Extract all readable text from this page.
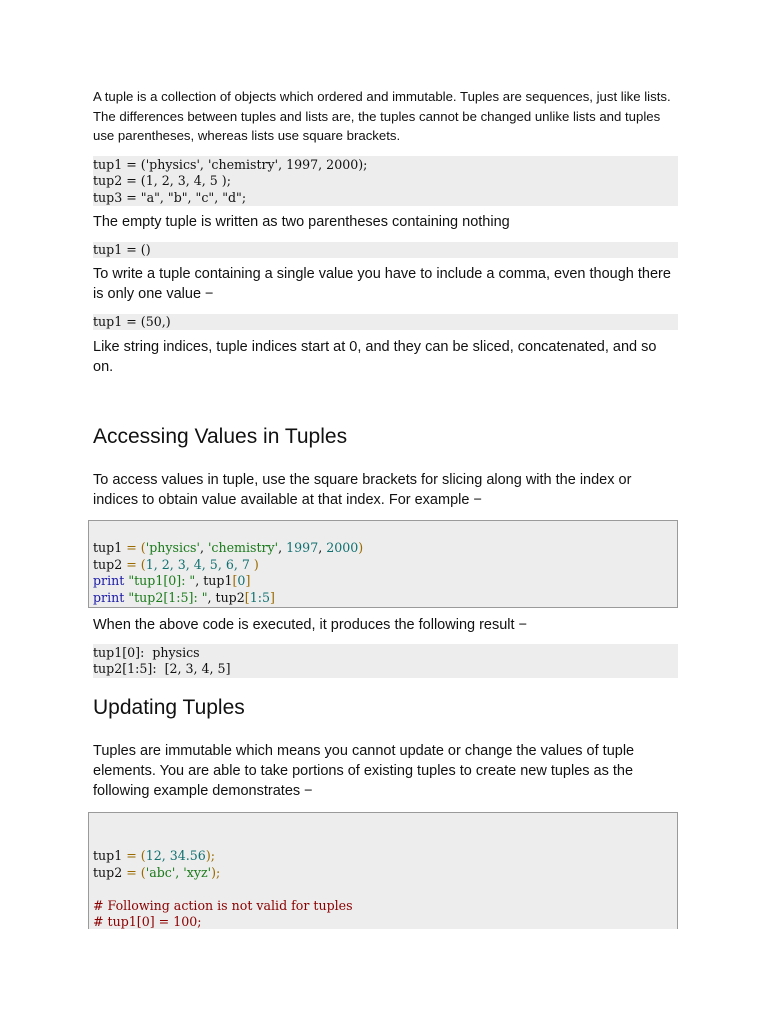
A tuple is a collection of objects which ordered and immutable. Tuples are sequences, just like lists. The differences between tuples and lists are, the tuples cannot be changed unlike lists and tuples use parentheses, whereas lists use square brackets.

tup1 = ('physics', 'chemistry', 1997, 2000);
tup2 = (1, 2, 3, 4, 5 );
tup3 = "a", "b", "c", "d";

The empty tuple is written as two parentheses containing nothing

tup1 = ()

To write a tuple containing a single value you have to include a comma, even though there is only one value −

tup1 = (50,)

Like string indices, tuple indices start at 0, and they can be sliced, concatenated, and so on.

Accessing Values in Tuples

To access values in tuple, use the square brackets for slicing along with the index or indices to obtain value available at that index. For example −

tup1 = ('physics', 'chemistry', 1997, 2000)
tup2 = (1, 2, 3, 4, 5, 6, 7 )
print "tup1[0]: ", tup1[0]
print "tup2[1:5]: ", tup2[1:5]

When the above code is executed, it produces the following result −

tup1[0]:  physics
tup2[1:5]:  [2, 3, 4, 5]
Updating Tuples

Tuples are immutable which means you cannot update or change the values of tuple elements. You are able to take portions of existing tuples to create new tuples as the following example demonstrates −

tup1 = (12, 34.56);
tup2 = ('abc', 'xyz');

# Following action is not valid for tuples
# tup1[0] = 100;
